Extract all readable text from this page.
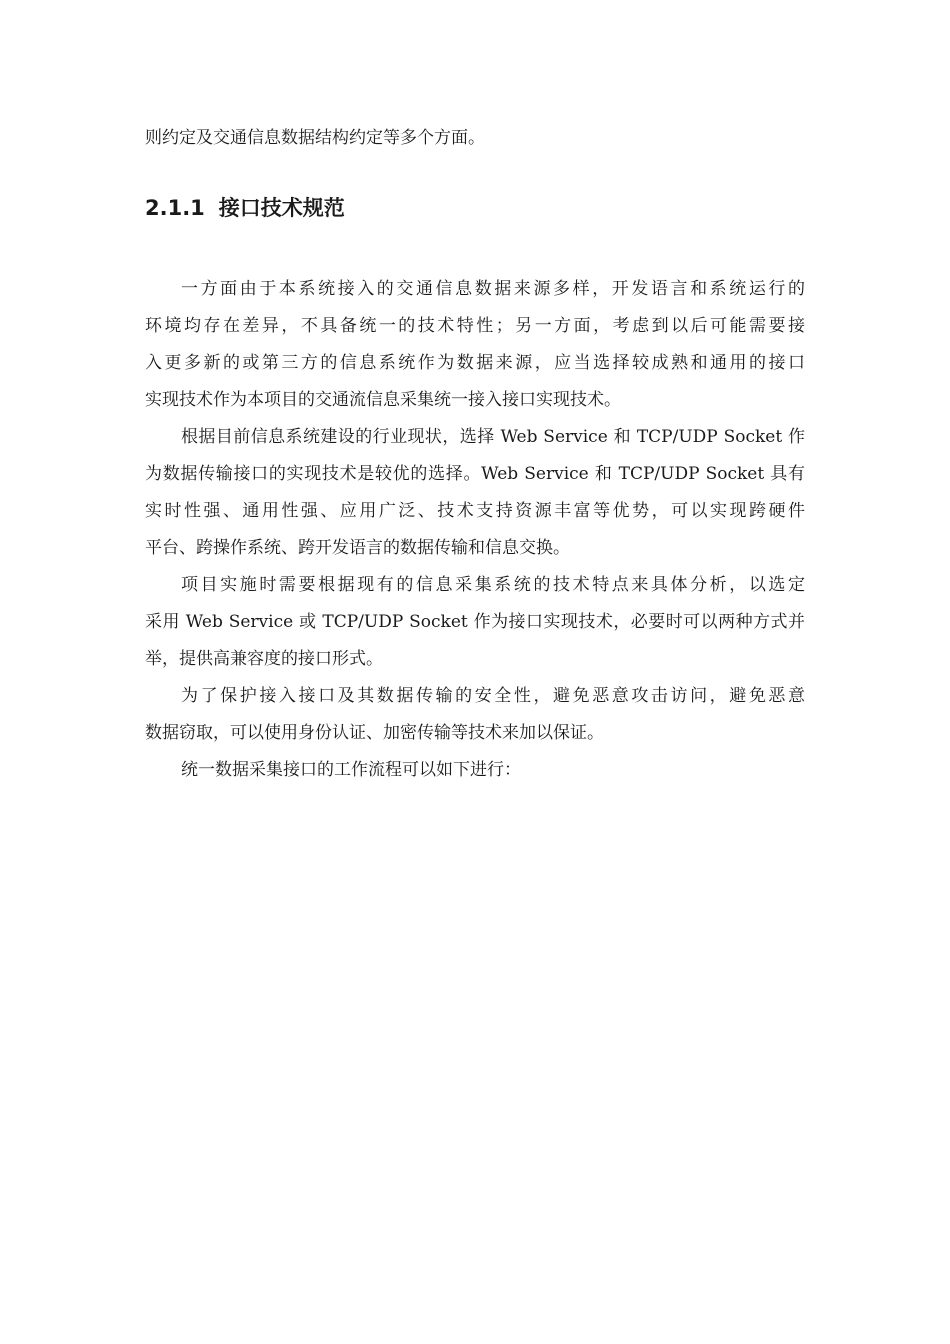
则约定及交通信息数据结构约定等多个方面。

2.1.1 接口技术规范

一方面由于本系统接入的交通信息数据来源多样，开发语言和系统运行的

环境均存在差异，不具备统一的技术特性；另一方面，考虑到以后可能需要接

入更多新的或第三方的信息系统作为数据来源，应当选择较成熟和通用的接口

实现技术作为本项目的交通流信息采集统一接入接口实现技术。

根据目前信息系统建设的行业现状，选择 Web Service 和 TCP/UDP Socket 作

为数据传输接口的实现技术是较优的选择。Web Service 和 TCP/UDP Socket 具有

实时性强、通用性强、应用广泛、技术支持资源丰富等优势，可以实现跨硬件

平台、跨操作系统、跨开发语言的数据传输和信息交换。

项目实施时需要根据现有的信息采集系统的技术特点来具体分析，以选定

采用 Web Service 或 TCP/UDP Socket 作为接口实现技术，必要时可以两种方式并

举，提供高兼容度的接口形式。

为了保护接入接口及其数据传输的安全性，避免恶意攻击访问，避免恶意

数据窃取，可以使用身份认证、加密传输等技术来加以保证。

统一数据采集接口的工作流程可以如下进行：
